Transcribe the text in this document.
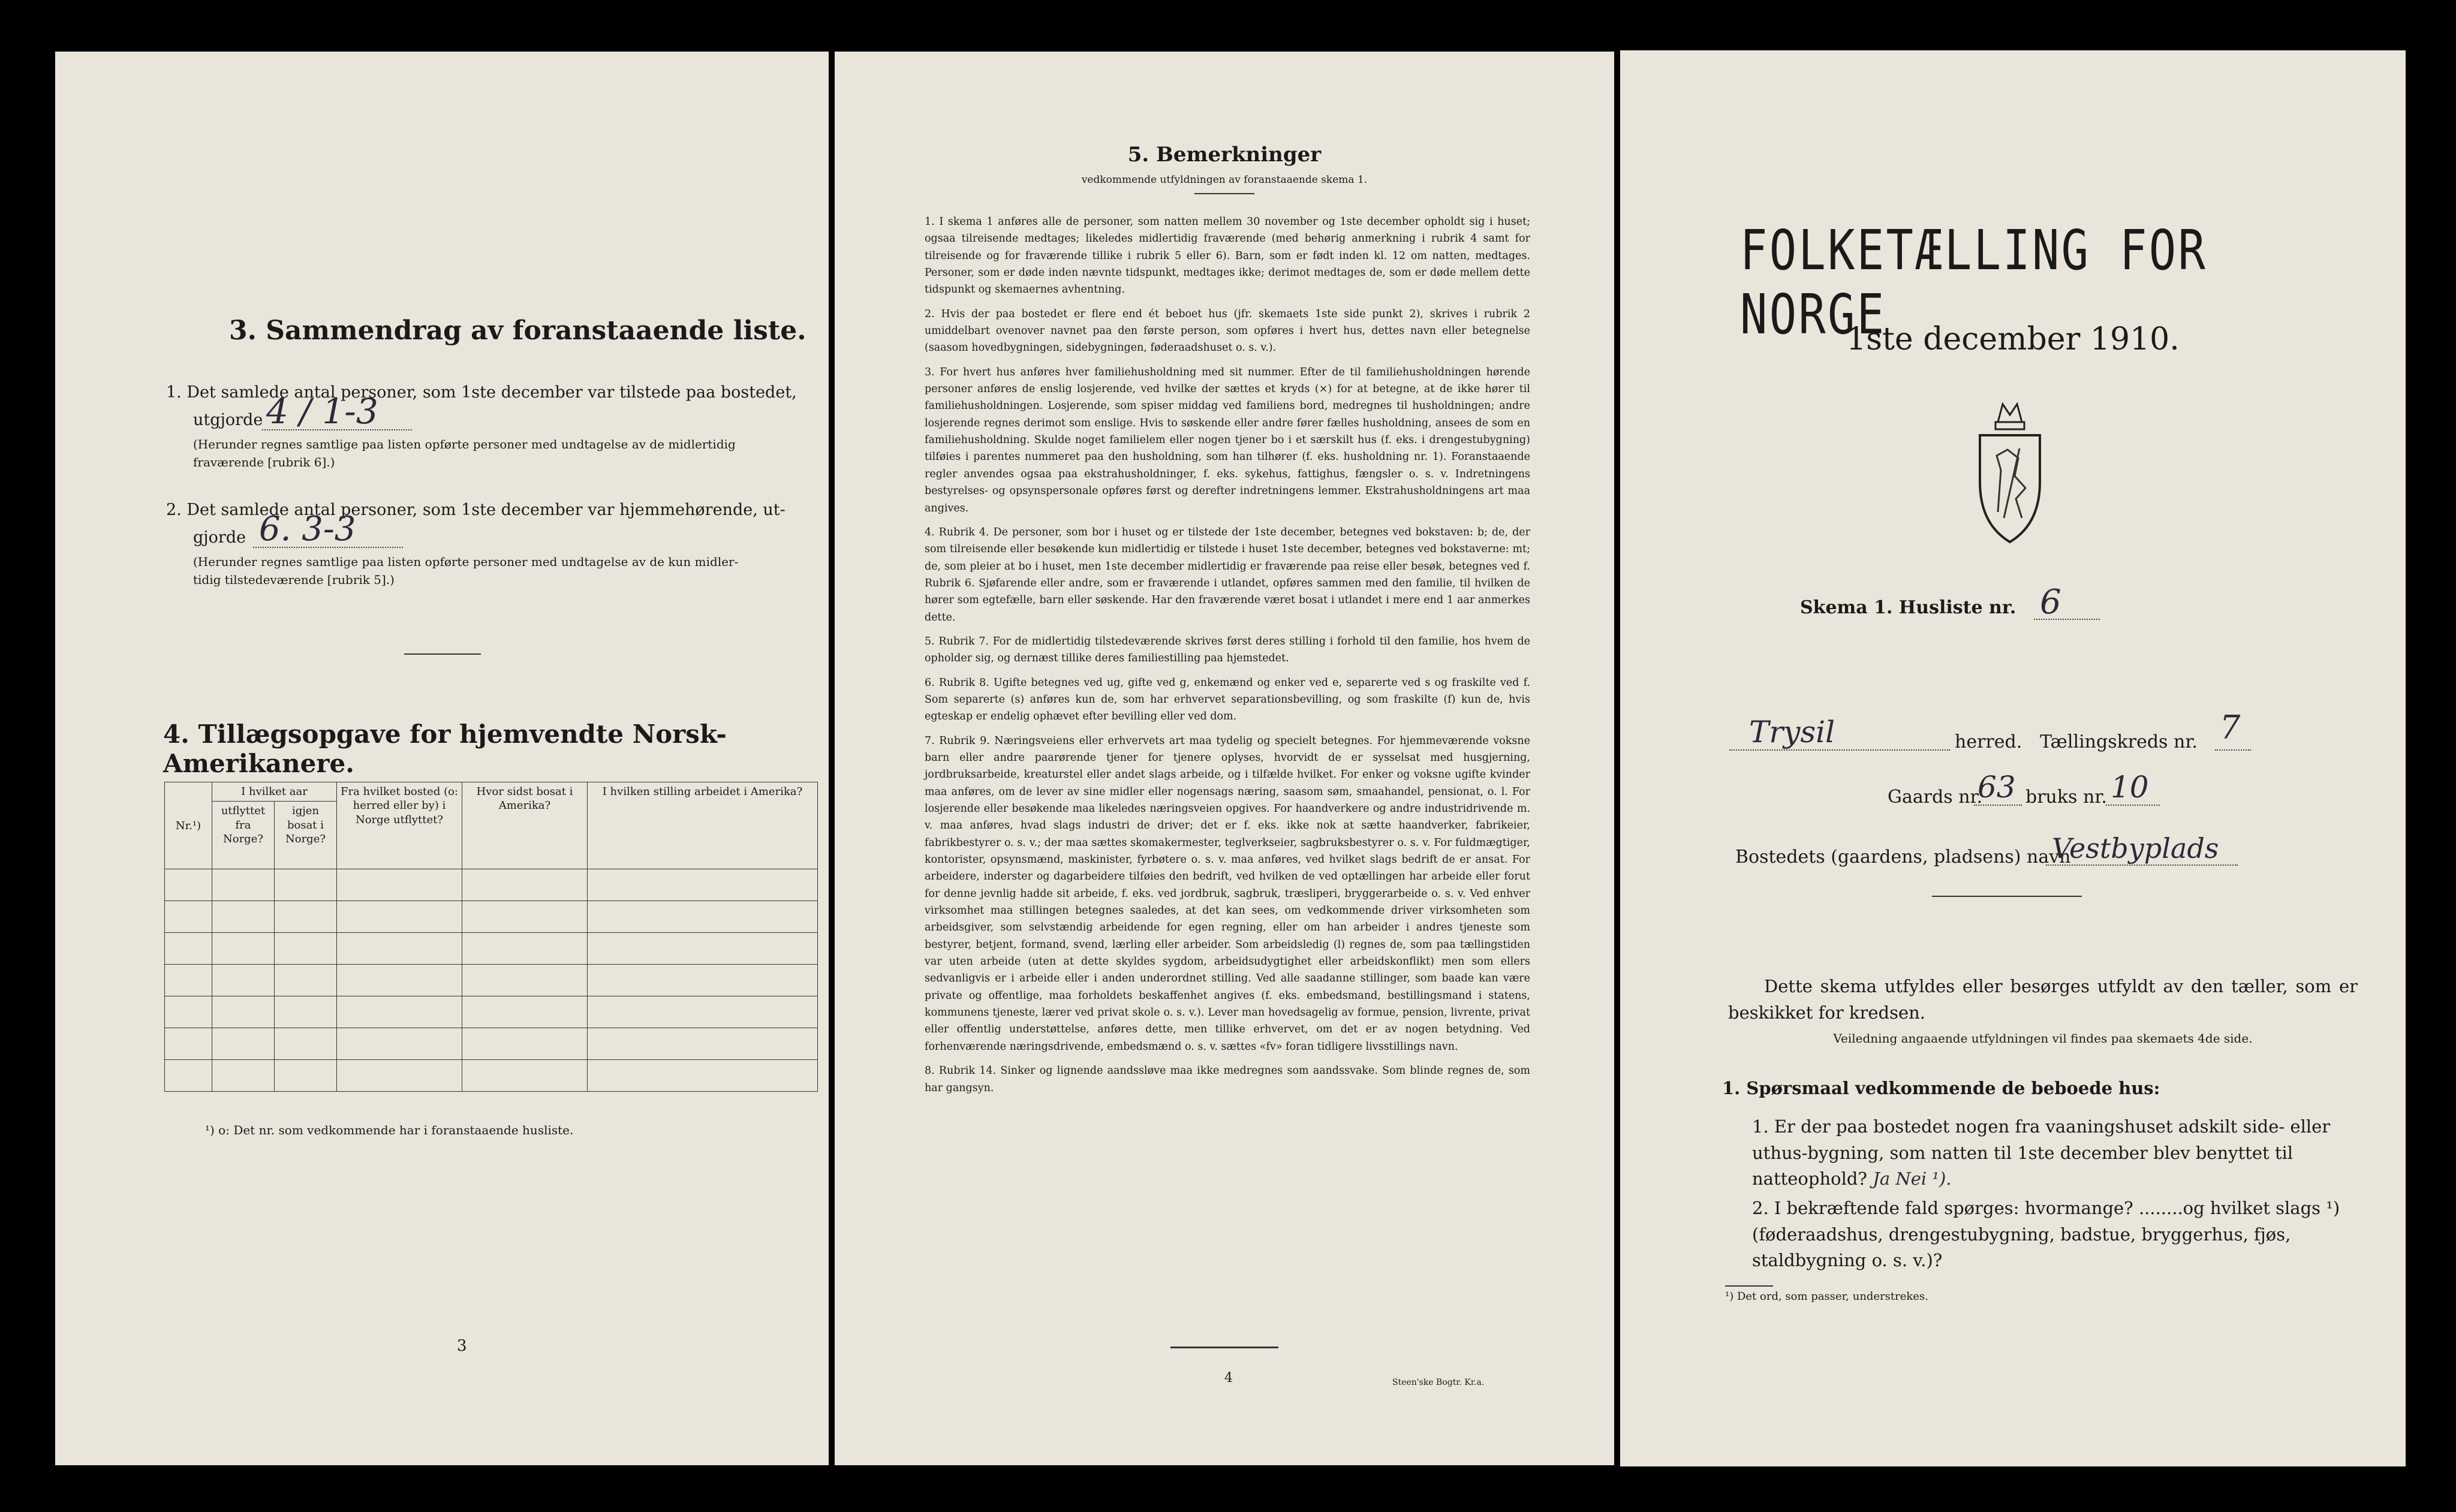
3. Sammendrag av foranstaaende liste.
1. Det samlede antal personer, som 1ste december var tilstede paa bostedet,
utgjorde 4 / 1-3
(Herunder regnes samtlige paa listen opførte personer med undtagelse av de midlertidig
fraværende [rubrik 6].)
2. Det samlede antal personer, som 1ste december var hjemmehørende, ut-
gjorde 6. 3-3
(Herunder regnes samtlige paa listen opførte personer med undtagelse av de kun midler-
tidig tilstedeværende [rubrik 5].)
4. Tillægsopgave for hjemvendte Norsk-Amerikanere.
Nr.¹)	I hvilket aar		Fra hvilket bosted (o: herred eller by) i Norge utflyttet?	Hvor sidst bosat i Amerika?	I hvilken stilling arbeidet i Amerika?
	utflyttet fra Norge?	igjen bosat i Norge?			

¹) o: Det nr. som vedkommende har i foranstaaende husliste.
3
5. Bemerkninger
vedkommende utfyldningen av foranstaaende skema 1.

1. I skema 1 anføres alle de personer, som natten mellem 30 november og 1ste december opholdt sig i huset; ogsaa tilreisende medtages; likeledes midlertidig fraværende (med behørig anmerkning i rubrik 4 samt for tilreisende og for fraværende tillike i rubrik 5 eller 6). Barn, som er født inden kl. 12 om natten, medtages. Personer, som er døde inden nævnte tidspunkt, medtages ikke; derimot medtages de, som er døde mellem dette tidspunkt og skemaernes avhentning.

2. Hvis der paa bostedet er flere end ét beboet hus (jfr. skemaets 1ste side punkt 2), skrives i rubrik 2 umiddelbart ovenover navnet paa den første person, som opføres i hvert hus, dettes navn eller betegnelse (saasom hovedbygningen, sidebygningen, føderaadshuset o. s. v.).

3. For hvert hus anføres hver familiehusholdning med sit nummer. Efter de til familiehusholdningen hørende personer anføres de enslig losjerende, ved hvilke der sættes et kryds (×) for at betegne, at de ikke hører til familiehusholdningen. Losjerende, som spiser middag ved familiens bord, medregnes til husholdningen; andre losjerende regnes derimot som enslige. Hvis to søskende eller andre fører fælles husholdning, ansees de som en familiehusholdning. Skulde noget familielem eller nogen tjener bo i et særskilt hus (f. eks. i drengestubygning) tilføies i parentes nummeret paa den husholdning, som han tilhører (f. eks. husholdning nr. 1). Foranstaaende regler anvendes ogsaa paa ekstrahusholdninger, f. eks. sykehus, fattighus, fængsler o. s. v. Indretningens bestyrelses- og opsynspersonale opføres først og derefter indretningens lemmer. Ekstrahusholdningens art maa angives.

4. Rubrik 4. De personer, som bor i huset og er tilstede der 1ste december, betegnes ved bokstaven: b; de, der som tilreisende eller besøkende kun midlertidig er tilstede i huset 1ste december, betegnes ved bokstaverne: mt; de, som pleier at bo i huset, men 1ste december midlertidig er fraværende paa reise eller besøk, betegnes ved f. Rubrik 6. Sjøfarende eller andre, som er fraværende i utlandet, opføres sammen med den familie, til hvilken de hører som egtefælle, barn eller søskende. Har den fraværende været bosat i utlandet i mere end 1 aar anmerkes dette.

5. Rubrik 7. For de midlertidig tilstedeværende skrives først deres stilling i forhold til den familie, hos hvem de opholder sig, og dernæst tillike deres familiestilling paa hjemstedet.

6. Rubrik 8. Ugifte betegnes ved ug, gifte ved g, enkemænd og enker ved e, separerte ved s og fraskilte ved f. Som separerte (s) anføres kun de, som har erhvervet separationsbevilling, og som fraskilte (f) kun de, hvis egteskap er endelig ophævet efter bevilling eller ved dom.

7. Rubrik 9. Næringsveiens eller erhvervets art maa tydelig og specielt betegnes. For hjemmeværende voksne barn eller andre paarørende tjener for tjenere oplyses, hvorvidt de er sysselsat med husgjerning, jordbruksarbeide, kreaturstel eller andet slags arbeide, og i tilfælde hvilket. For enker og voksne ugifte kvinder maa anføres, om de lever av sine midler eller nogensags næring, saasom søm, smaahandel, pensionat, o. l. For losjerende eller besøkende maa likeledes næringsveien opgives. For haandverkere og andre industridrivende m. v. maa anføres, hvad slags industri de driver; det er f. eks. ikke nok at sætte haandverker, fabrikeier, fabrikbestyrer o. s. v.; der maa sættes skomakermester, teglverkseier, sagbruksbestyrer o. s. v. For fuldmægtiger, kontorister, opsynsmænd, maskinister, fyrbøtere o. s. v. maa anføres, ved hvilket slags bedrift de er ansat. For arbeidere, inderster og dagarbeidere tilføies den bedrift, ved hvilken de ved optællingen har arbeide eller forut for denne jevnlig hadde sit arbeide, f. eks. ved jordbruk, sagbruk, træsliperi, bryggerarbeide o. s. v. Ved enhver virksomhet maa stillingen betegnes saaledes, at det kan sees, om vedkommende driver virksomheten som arbeidsgiver, som selvstændig arbeidende for egen regning, eller om han arbeider i andres tjeneste som bestyrer, betjent, formand, svend, lærling eller arbeider. Som arbeidsledig (l) regnes de, som paa tællingstiden var uten arbeide (uten at dette skyldes sygdom, arbeidsudygtighet eller arbeidskonflikt) men som ellers sedvanligvis er i arbeide eller i anden underordnet stilling. Ved alle saadanne stillinger, som baade kan være private og offentlige, maa forholdets beskaffenhet angives (f. eks. embedsmand, bestillingsmand i statens, kommunens tjeneste, lærer ved privat skole o. s. v.). Lever man hovedsagelig av formue, pension, livrente, privat eller offentlig understøttelse, anføres dette, men tillike erhvervet, om det er av nogen betydning. Ved forhenværende næringsdrivende, embedsmænd o. s. v. sættes «fv» foran tidligere livsstillings navn.

8. Rubrik 14. Sinker og lignende aandssløve maa ikke medregnes som aandssvake. Som blinde regnes de, som har gangsyn.

4	Steen'ske Bogtr. Kr.a.
FOLKETÆLLING FOR NORGE
1ste december 1910.
Skema 1. Husliste nr. 6
Trysil	herred. Tællingskreds nr. 7
Gaards nr.
63 bruks nr. 10
Bostedets (gaardens, pladsens) navn
Vestbyplads
Dette skema utfyldes eller besørges utfyldt av den tæller, som er beskikket for kredsen.
Veiledning angaaende utfyldningen vil findes paa skemaets 4de side.
1. Spørsmaal vedkommende de beboede hus:
1. Er der paa bostedet nogen fra vaaningshuset adskilt side- eller uthus-bygning, som natten til 1ste december blev benyttet til natteophold? Ja Nei ¹).
2. I bekræftende fald spørges: hvormange? ........og hvilket slags ¹) (føderaadshus, drengestubygning, badstue, bryggerhus, fjøs, staldbygning o. s. v.)?
¹) Det ord, som passer, understrekes.
